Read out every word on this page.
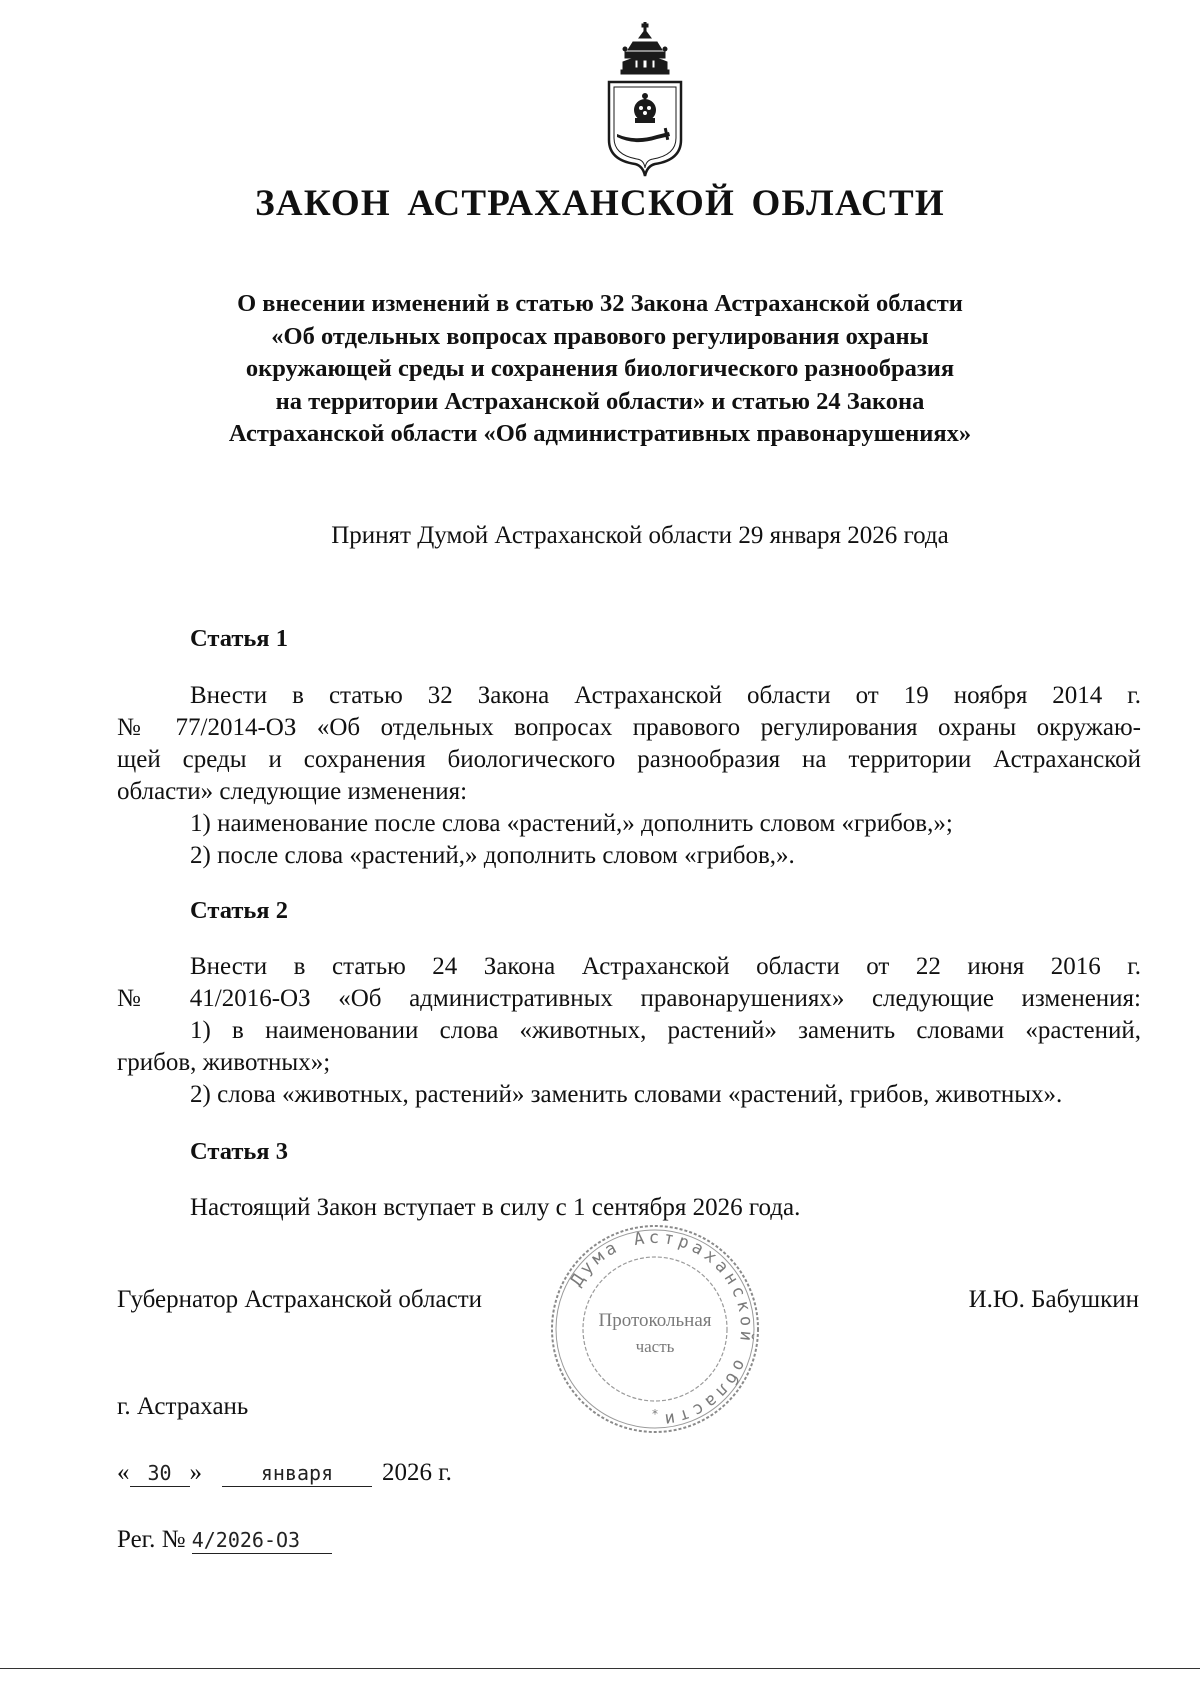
ЗАКОН АСТРАХАНСКОЙ ОБЛАСТИ
О внесении изменений в статью 32 Закона Астраханской области
«Об отдельных вопросах правового регулирования охраны
окружающей среды и сохранения биологического разнообразия
на территории Астраханской области» и статью 24 Закона
Астраханской области «Об административных правонарушениях»

Принят Думой Астраханской области 29 января 2026 года

Статья 1

Внести в статью 32 Закона Астраханской области от 19 ноября 2014 г.

№ 77/2014-ОЗ «Об отдельных вопросах правового регулирования охраны окружаю-

щей среды и сохранения биологического разнообразия на территории Астраханской

области» следующие изменения:

1) наименование после слова «растений,» дополнить словом «грибов,»;

2) после слова «растений,» дополнить словом «грибов,».

Статья 2

Внести в статью 24 Закона Астраханской области от 22 июня 2016 г.

№ 41/2016-ОЗ «Об административных правонарушениях» следующие изменения:

1) в наименовании слова «животных, растений» заменить словами «растений,

грибов, животных»;

2) слова «животных, растений» заменить словами «растений, грибов, животных».

Статья 3

Настоящий Закон вступает в силу с 1 сентября 2026 года.

Губернатор Астраханской области	И.Ю. Бабушкин

Дума Астраханской области
Протокольная
часть
*

г. Астрахань

« 30 »	января 2026 г.

Рег. № 4/2026-ОЗ
